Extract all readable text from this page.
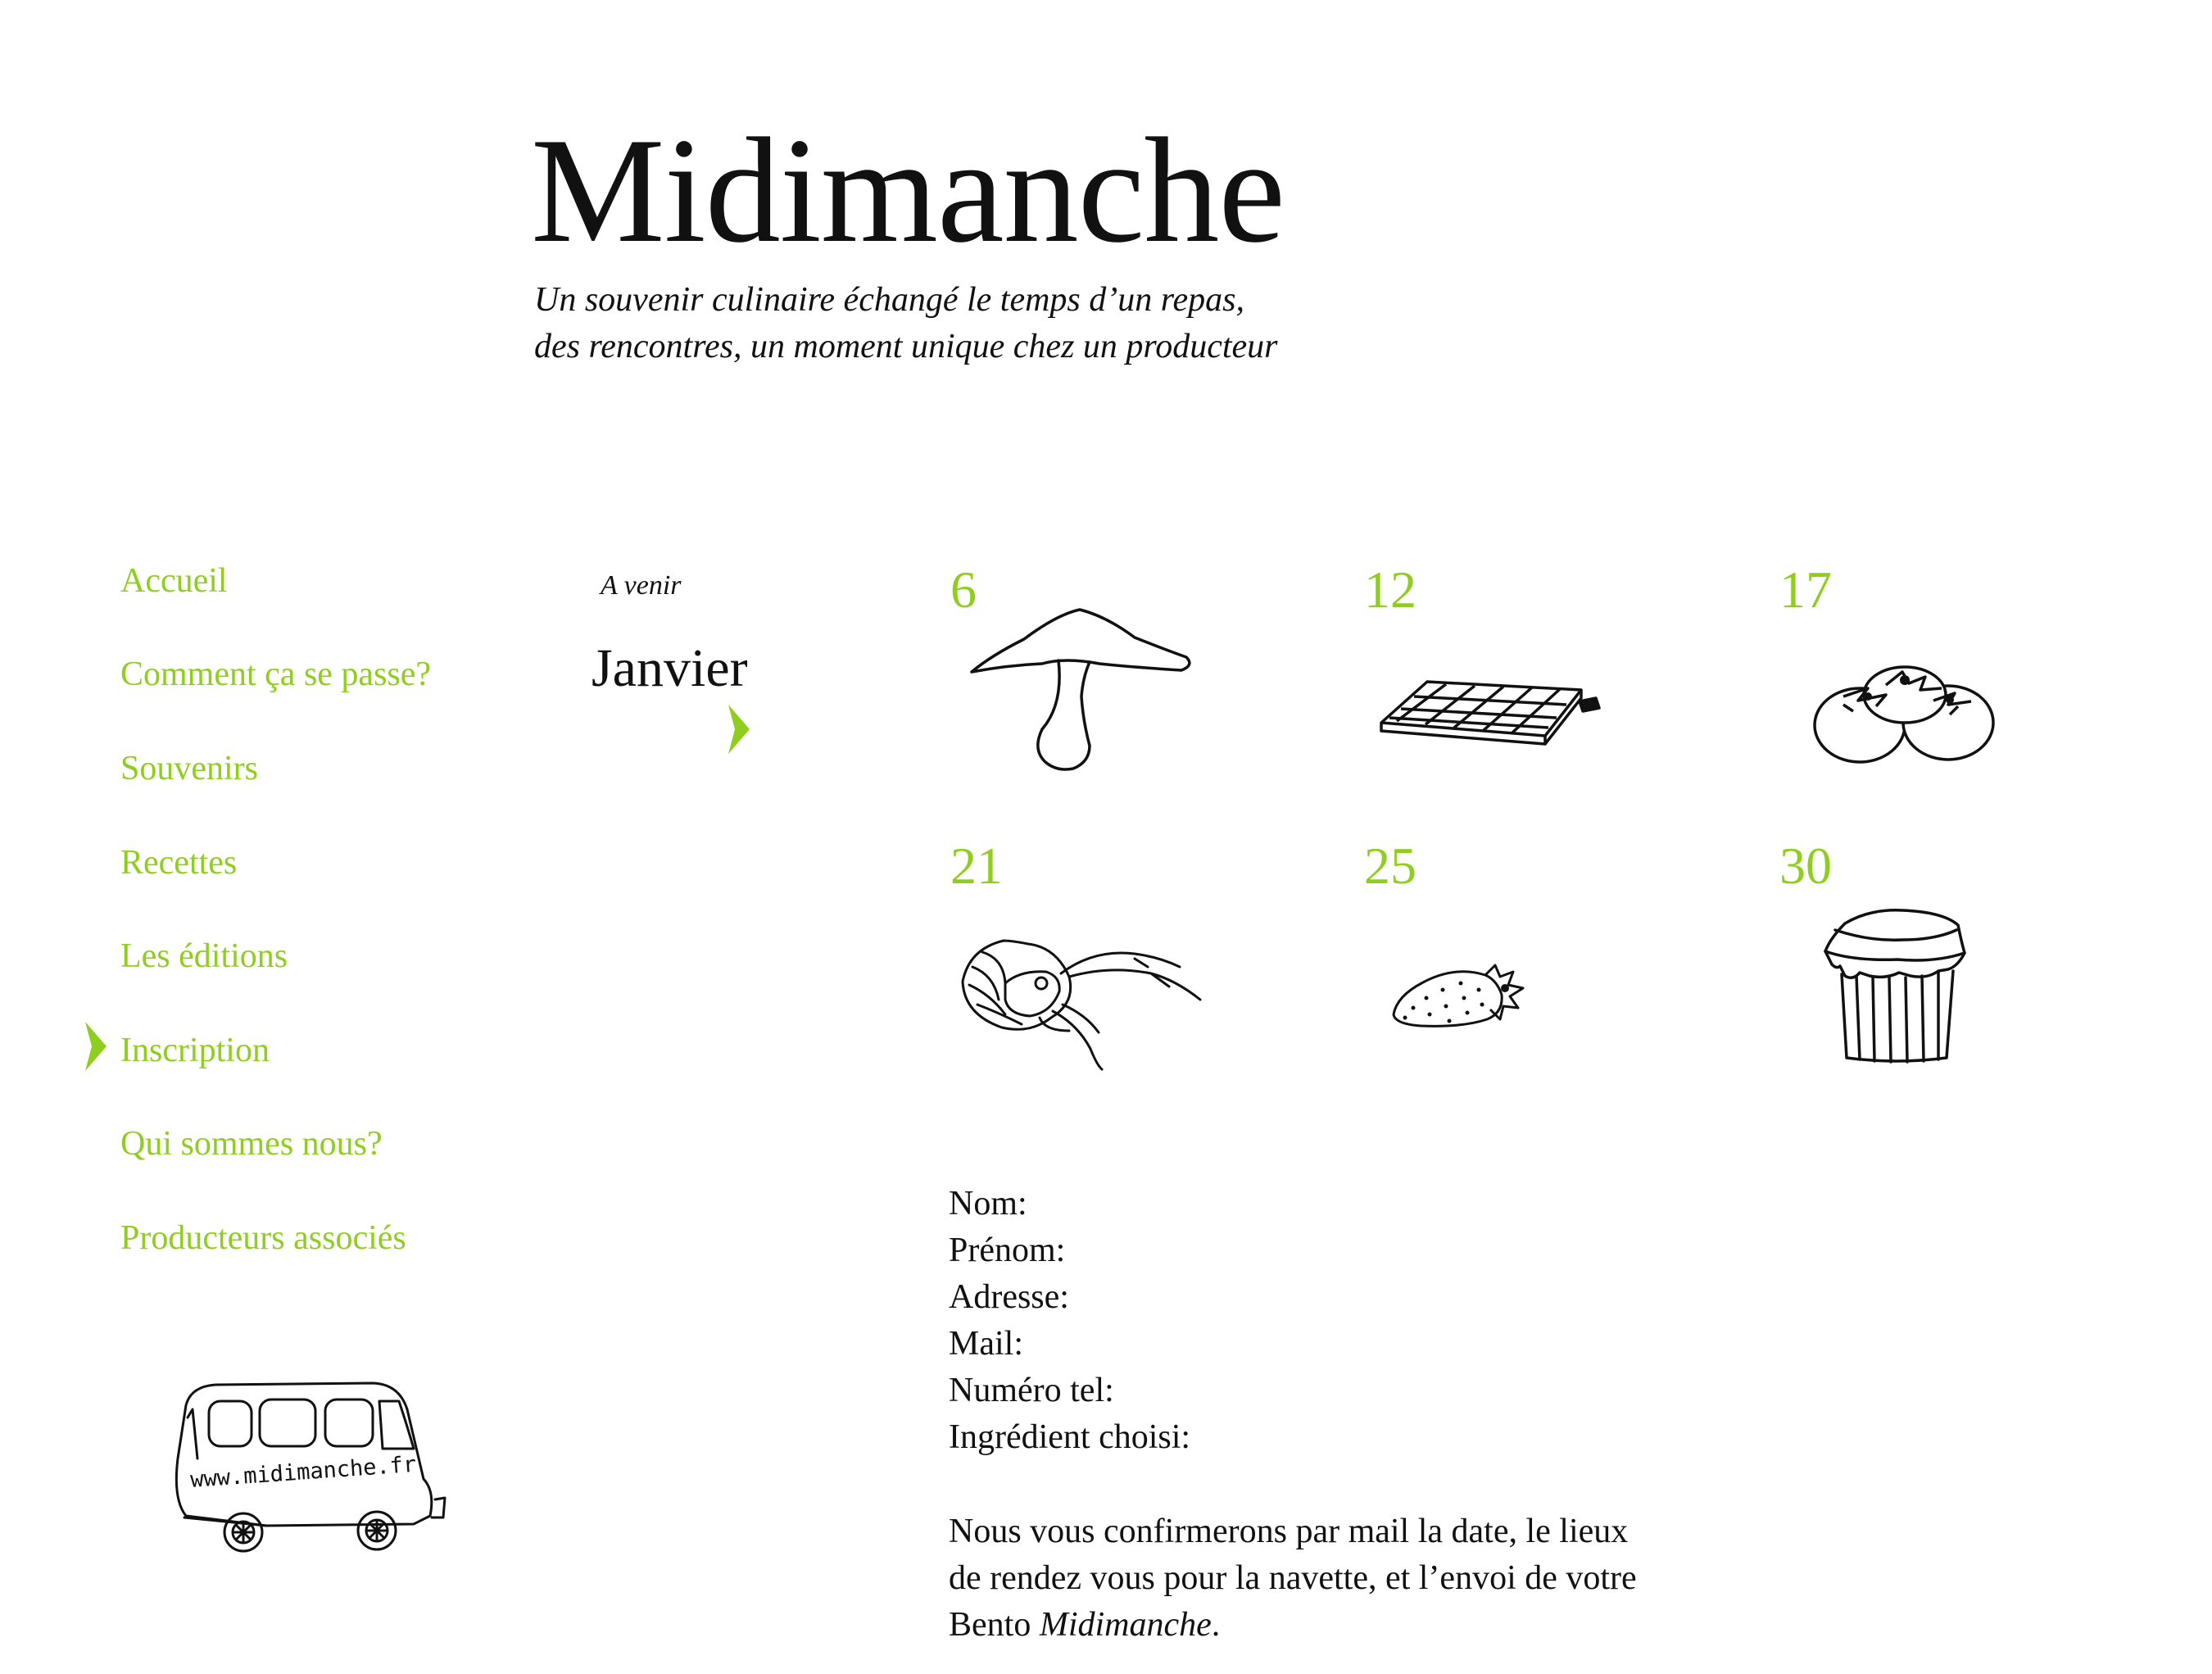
Midimanche
Un souvenir culinaire échangé le temps d’un repas,
des rencontres, un moment unique chez un producteur
Accueil
Comment ça se passe?
Souvenirs
Recettes
Les éditions
Inscription
Qui sommes nous?
Producteurs associés
www.midimanche.fr
A venir
Janvier
6	12	17
21	25	30
Nom:
Prénom:
Adresse:
Mail:
Numéro tel:
Ingrédient choisi:
Nous vous confirmerons par mail la date, le lieux
de rendez vous pour la navette, et l’envoi de votre
Bento Midimanche.
